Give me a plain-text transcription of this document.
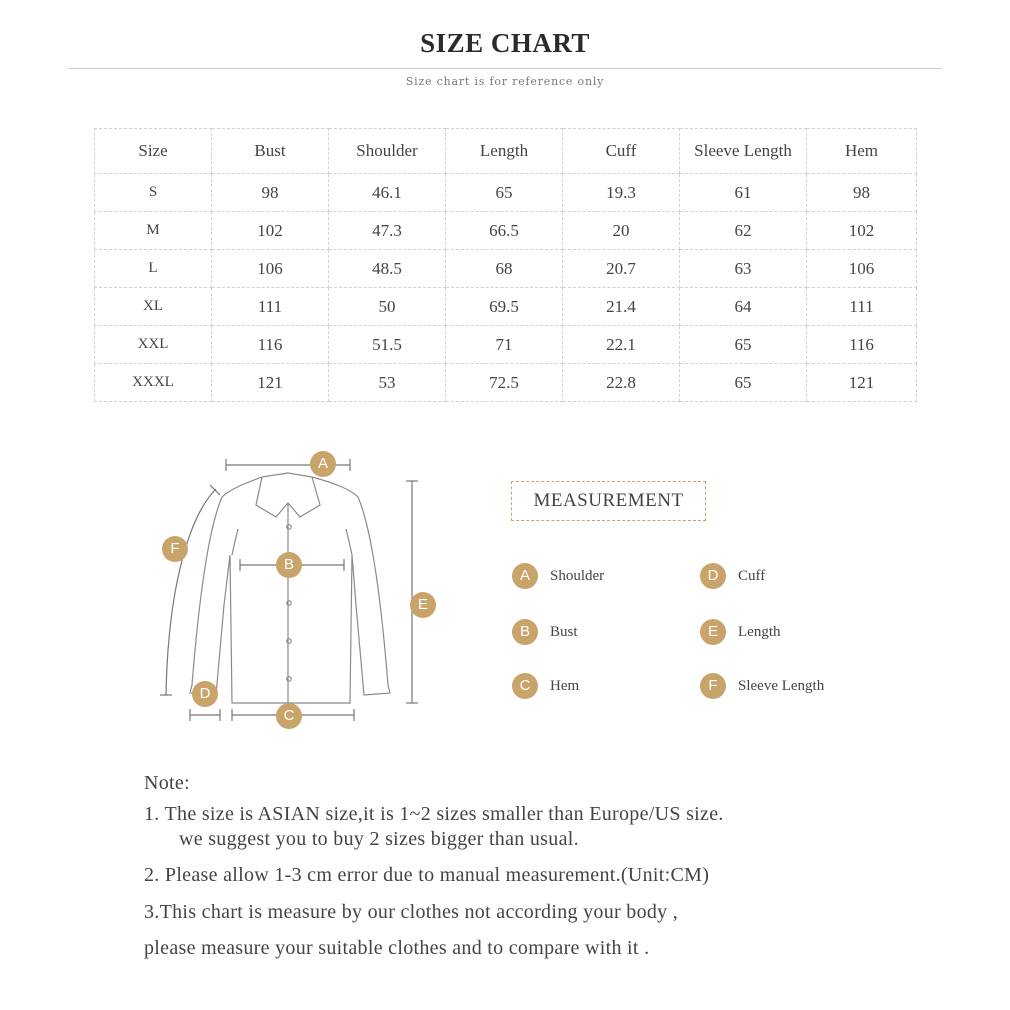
SIZE CHART
Size chart is for reference only
Size	Bust	Shoulder	Length	Cuff	Sleeve Length	Hem
S	98	46.1	65	19.3	61	98
M	102	47.3	66.5	20	62	102
L	106	48.5	68	20.7	63	106
XL	111	50	69.5	21.4	64	111
XXL	116	51.5	71	22.1	65	116
XXXL	121	53	72.5	22.8	65	121
A
B
C
D
E
F
MEASUREMENT
A	Shoulder
B	Bust
C	Hem
D	Cuff
E	Length
F	Sleeve Length
Note:
1. The size is ASIAN size,it is 1~2 sizes smaller than Europe/US size.
we suggest you to buy 2 sizes bigger than usual.
2. Please allow 1-3 cm error due to manual measurement.(Unit:CM)
3.This chart is measure by our clothes not according your body ,
please measure your suitable clothes and to compare with it .
